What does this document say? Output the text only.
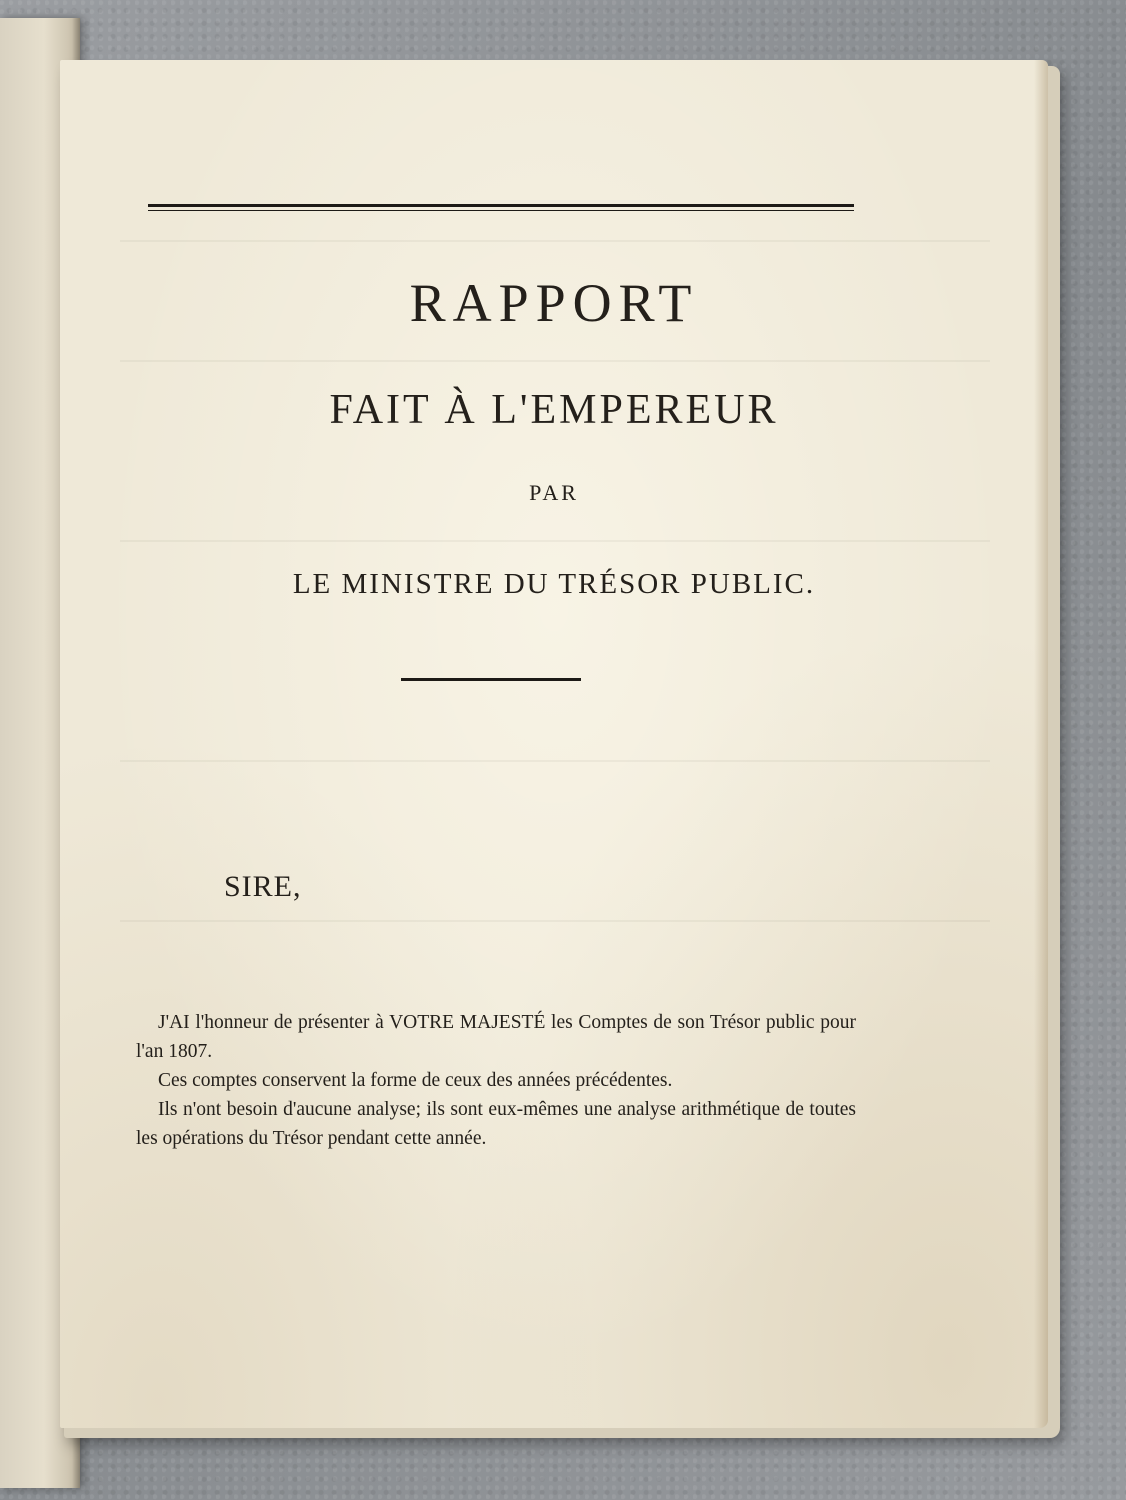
RAPPORT

FAIT À L'EMPEREUR

PAR

LE MINISTRE DU TRÉSOR PUBLIC.

SIRE,

J'AI l'honneur de présenter à VOTRE MAJESTÉ les Comptes de son Trésor public pour l'an 1807.

Ces comptes conservent la forme de ceux des années précédentes.

Ils n'ont besoin d'aucune analyse; ils sont eux-mêmes une analyse arithmétique de toutes les opérations du Trésor pendant cette année.
